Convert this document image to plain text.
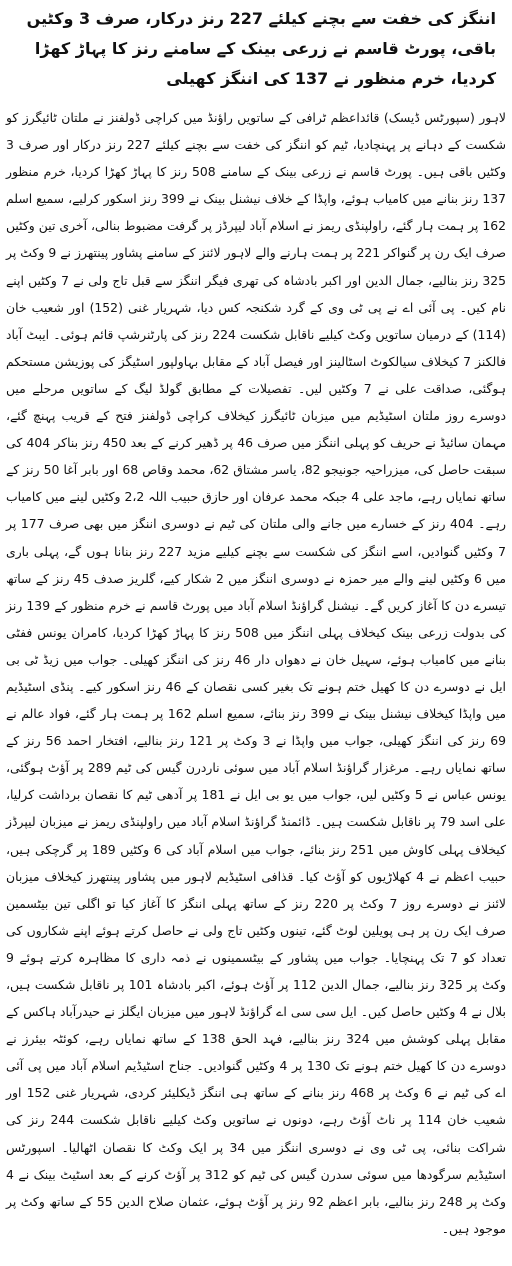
اننگز کی خفت سے بچنے کیلئے 227 رنز درکار، صرف 3 وکٹیں باقی، پورٹ قاسم نے زرعی بینک کے سامنے رنز کا پہاڑ کھڑا کردیا، خرم منظور نے 137 کی اننگز کھیلی

لاہور (سپورٹس ڈیسک) قائداعظم ٹرافی کے ساتویں راؤنڈ میں کراچی ڈولفنز نے ملتان ٹائیگرز کو شکست کے دہانے پر پہنچادیا، ٹیم کو اننگز کی خفت سے بچنے کیلئے 227 رنز درکار اور صرف 3 وکٹیں باقی ہیں۔ پورٹ قاسم نے زرعی بینک کے سامنے 508 رنز کا پہاڑ کھڑا کردیا، خرم منظور 137 رنز بنانے میں کامیاب ہوئے، واپڈا کے خلاف نیشنل بینک نے 399 رنز اسکور کرلیے، سمیع اسلم 162 پر ہمت ہار گئے، راولپنڈی ریمز نے اسلام آباد لیپرڈز پر گرفت مضبوط بنالی، آخری تین وکٹیں صرف ایک رن پر گنواکر 221 پر ہمت ہارنے والے لاہور لائنز کے سامنے پشاور پینتھرز نے 9 وکٹ پر 325 رنز بنالیے، جمال الدین اور اکبر بادشاہ کی تھری فیگر اننگز سے قبل تاج ولی نے 7 وکٹیں اپنے نام کیں۔ پی آئی اے نے پی ٹی وی کے گرد شکنجہ کس دیا، شہریار غنی (152) اور شعیب خان (114) کے درمیان ساتویں وکٹ کیلیے ناقابل شکست 224 رنز کی پارٹنرشپ قائم ہوئی۔ ایبٹ آباد فالکنز 7 کیخلاف سیالکوٹ اسٹالینز اور فیصل آباد کے مقابل بہاولپور اسٹیگز کی پوزیشن مستحکم ہوگئی، صداقت علی نے 7 وکٹیں لیں۔ تفصیلات کے مطابق گولڈ لیگ کے ساتویں مرحلے میں دوسرے روز ملتان اسٹیڈیم میں میزبان ٹائیگرز کیخلاف کراچی ڈولفنز فتح کے قریب پہنچ گئے، مہمان سائیڈ نے حریف کو پہلی اننگز میں صرف 46 پر ڈھیر کرنے کے بعد 450 رنز بناکر 404 کی سبقت حاصل کی، میزراحیہ جونیجو 82، یاسر مشتاق 62، محمد وقاص 68 اور بابر آغا 50 رنز کے ساتھ نمایاں رہے، ماجد علی 4 جبکہ محمد عرفان اور حازق حبیب اللہ 2،2 وکٹیں لینے میں کامیاب رہے۔ 404 رنز کے خسارے میں جانے والی ملتان کی ٹیم نے دوسری اننگز میں بھی صرف 177 پر 7 وکٹیں گنوادیں، اسے اننگز کی شکست سے بچنے کیلیے مزید 227 رنز بنانا ہوں گے، پہلی باری میں 6 وکٹیں لینے والے میر حمزہ نے دوسری اننگز میں 2 شکار کیے، گلریز صدف 45 رنز کے ساتھ تیسرے دن کا آغاز کریں گے۔ نیشنل گراؤنڈ اسلام آباد میں پورٹ قاسم نے خرم منظور کے 139 رنز کی بدولت زرعی بینک کیخلاف پہلی اننگز میں 508 رنز کا پہاڑ کھڑا کردیا، کامران یونس ففٹی بنانے میں کامیاب ہوئے، سہیل خان نے دھواں دار 46 رنز کی اننگز کھیلی۔ جواب میں زیڈ ٹی بی ایل نے دوسرے دن کا کھیل ختم ہونے تک بغیر کسی نقصان کے 46 رنز اسکور کیے۔ پنڈی اسٹیڈیم میں واپڈا کیخلاف نیشنل بینک نے 399 رنز بنائے، سمیع اسلم 162 پر ہمت ہار گئے، فواد عالم نے 69 رنز کی اننگز کھیلی، جواب میں واپڈا نے 3 وکٹ پر 121 رنز بنالیے، افتخار احمد 56 رنز کے ساتھ نمایاں رہے۔ مرغزار گراؤنڈ اسلام آباد میں سوئی ناردرن گیس کی ٹیم 289 پر آؤٹ ہوگئی، یونس عباس نے 5 وکٹیں لیں، جواب میں یو بی ایل نے 181 پر آدھی ٹیم کا نقصان برداشت کرلیا، علی اسد 79 پر ناقابل شکست ہیں۔ ڈائمنڈ گراؤنڈ اسلام آباد میں راولپنڈی ریمز نے میزبان لیپرڈز کیخلاف پہلی کاوش میں 251 رنز بنائے، جواب میں اسلام آباد کی 6 وکٹیں 189 پر گرچکی ہیں، حبیب اعظم نے 4 کھلاڑیوں کو آؤٹ کیا۔ قذافی اسٹیڈیم لاہور میں پشاور پینتھرز کیخلاف میزبان لائنز نے دوسرے روز 7 وکٹ پر 220 رنز کے ساتھ پہلی اننگز کا آغاز کیا تو اگلی تین بیٹسمین صرف ایک رن پر ہی پویلین لوٹ گئے، تینوں وکٹیں تاج ولی نے حاصل کرتے ہوئے اپنے شکاروں کی تعداد کو 7 تک پہنچایا۔ جواب میں پشاور کے بیٹسمینوں نے ذمہ داری کا مظاہرہ کرتے ہوئے 9 وکٹ پر 325 رنز بنالیے، جمال الدین 112 پر آؤٹ ہوئے، اکبر بادشاہ 101 پر ناقابل شکست ہیں، بلال نے 4 وکٹیں حاصل کیں۔ ایل سی سی اے گراؤنڈ لاہور میں میزبان ایگلز نے حیدرآباد ہاکس کے مقابل پہلی کوشش میں 324 رنز بنالیے، فہد الحق 138 کے ساتھ نمایاں رہے، کوئٹہ بیئرز نے دوسرے دن کا کھیل ختم ہونے تک 130 پر 4 وکٹیں گنوادیں۔ جناح اسٹیڈیم اسلام آباد میں پی آئی اے کی ٹیم نے 6 وکٹ پر 468 رنز بنانے کے ساتھ ہی اننگز ڈیکلیئر کردی، شہریار غنی 152 اور شعیب خان 114 پر ناٹ آؤٹ رہے، دونوں نے ساتویں وکٹ کیلیے ناقابل شکست 244 رنز کی شراکت بنائی، پی ٹی وی نے دوسری اننگز میں 34 پر ایک وکٹ کا نقصان اٹھالیا۔ اسپورٹس اسٹیڈیم سرگودھا میں سوئی سدرن گیس کی ٹیم کو 312 پر آؤٹ کرنے کے بعد اسٹیٹ بینک نے 4 وکٹ پر 248 رنز بنالیے، بابر اعظم 92 رنز پر آؤٹ ہوئے، عثمان صلاح الدین 55 کے ساتھ وکٹ پر موجود ہیں۔
